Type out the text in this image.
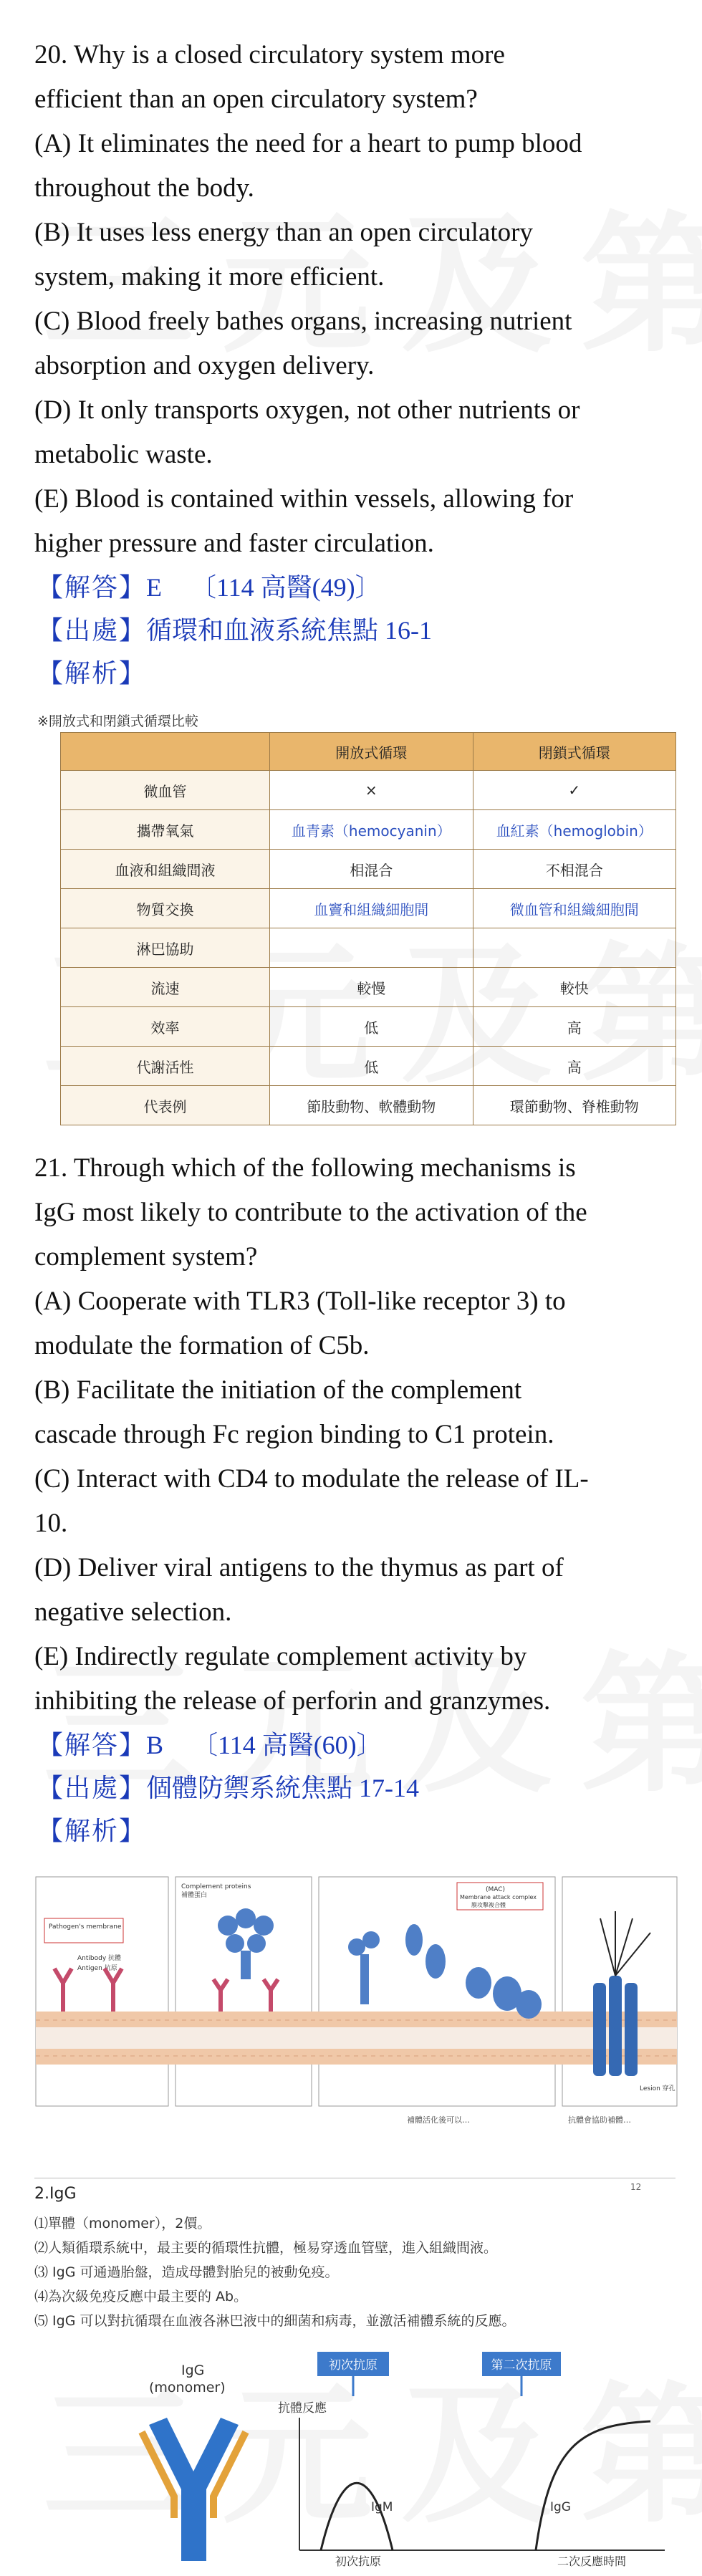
20. Why is a closed circulatory system more

efficient than an open circulatory system?

(A) It eliminates the need for a heart to pump blood

throughout the body.

(B) It uses less energy than an open circulatory

system, making it more efficient.

(C) Blood freely bathes organs, increasing nutrient

absorption and oxygen delivery.

(D) It only transports oxygen, not other nutrients or

metabolic waste.

(E) Blood is contained within vessels, allowing for

higher pressure and faster circulation.

【解答】E 〔114 高醫(49)〕
【出處】循環和血液系統焦點 16-1
【解析】
※開放式和閉鎖式循環比較
	開放式循環	閉鎖式循環
微血管	×	✓
攜帶氧氣	血青素（hemocyanin）	血紅素（hemoglobin）
血液和組織間液	相混合	不相混合
物質交換	血竇和組織細胞間	微血管和組織細胞間
淋巴協助		
流速	較慢	較快
效率	低	高
代謝活性	低	高
代表例	節肢動物、軟體動物	環節動物、脊椎動物

21. Through which of the following mechanisms is

IgG most likely to contribute to the activation of the

complement system?

(A) Cooperate with TLR3 (Toll-like receptor 3) to

modulate the formation of C5b.

(B) Facilitate the initiation of the complement

cascade through Fc region binding to C1 protein.

(C) Interact with CD4 to modulate the release of IL-

10.

(D) Deliver viral antigens to the thymus as part of

negative selection.

(E) Indirectly regulate complement activity by

inhibiting the release of perforin and granzymes.

【解答】B 〔114 高醫(60)〕
【出處】個體防禦系統焦點 17-14
【解析】
Pathogen's membrane
Antibody 抗體
Antigen 抗原
Complement proteins
補體蛋白
(MAC)
Membrane attack complex
膜攻擊複合體
Lesion 穿孔
補體活化後可以…	抗體會協助補體…
2.IgG
⑴單體（monomer），2價。
⑵人類循環系統中，最主要的循環性抗體，極易穿透血管壁，進入組織間液。
⑶ IgG 可通過胎盤，造成母體對胎兒的被動免疫。
⑷為次級免疫反應中最主要的 Ab。
⑸ IgG 可以對抗循環在血液各淋巴液中的細菌和病毒，並激活補體系統的反應。
12
IgG
(monomer)
初次抗原	第二次抗原
抗體反應
IgM	IgG
初次抗原	二次反應時間
